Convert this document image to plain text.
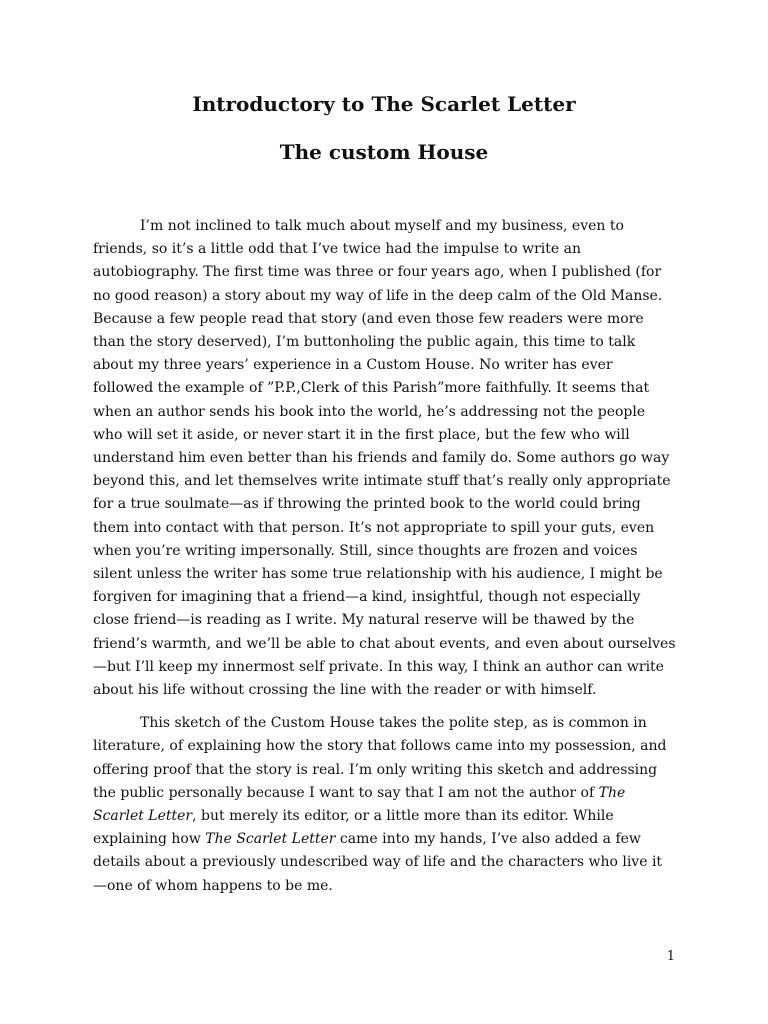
Introductory to The Scarlet Letter
The custom House

I’m not inclined to talk much about myself and my business, even to friends, so it’s a little odd that I’ve twice had the impulse to write an autobiography. The first time was three or four years ago, when I published (for no good reason) a story about my way of life in the deep calm of the Old Manse. Because a few people read that story (and even those few readers were more than the story deserved), I’m buttonholing the public again, this time to talk about my three years’ experience in a Custom House. No writer has ever followed the example of ”P.P.,Clerk of this Parish”more faithfully. It seems that when an author sends his book into the world, he’s addressing not the people who will set it aside, or never start it in the first place, but the few who will understand him even better than his friends and family do. Some authors go way beyond this, and let themselves write intimate stuff that’s really only appropriate for a true soulmate—as if throwing the printed book to the world could bring them into contact with that person. It’s not appropriate to spill your guts, even when you’re writing impersonally. Still, since thoughts are frozen and voices silent unless the writer has some true relationship with his audience, I might be forgiven for imagining that a friend—a kind, insightful, though not especially close friend—is reading as I write. My natural reserve will be thawed by the friend’s warmth, and we’ll be able to chat about events, and even about ourselves—but I’ll keep my innermost self private. In this way, I think an author can write about his life without crossing the line with the reader or with himself.

This sketch of the Custom House takes the polite step, as is common in literature, of explaining how the story that follows came into my possession, and offering proof that the story is real. I’m only writing this sketch and addressing the public personally because I want to say that I am not the author of The Scarlet Letter, but merely its editor, or a little more than its editor. While explaining how The Scarlet Letter came into my hands, I’ve also added a few details about a previously undescribed way of life and the characters who live it—one of whom happens to be me.

1
